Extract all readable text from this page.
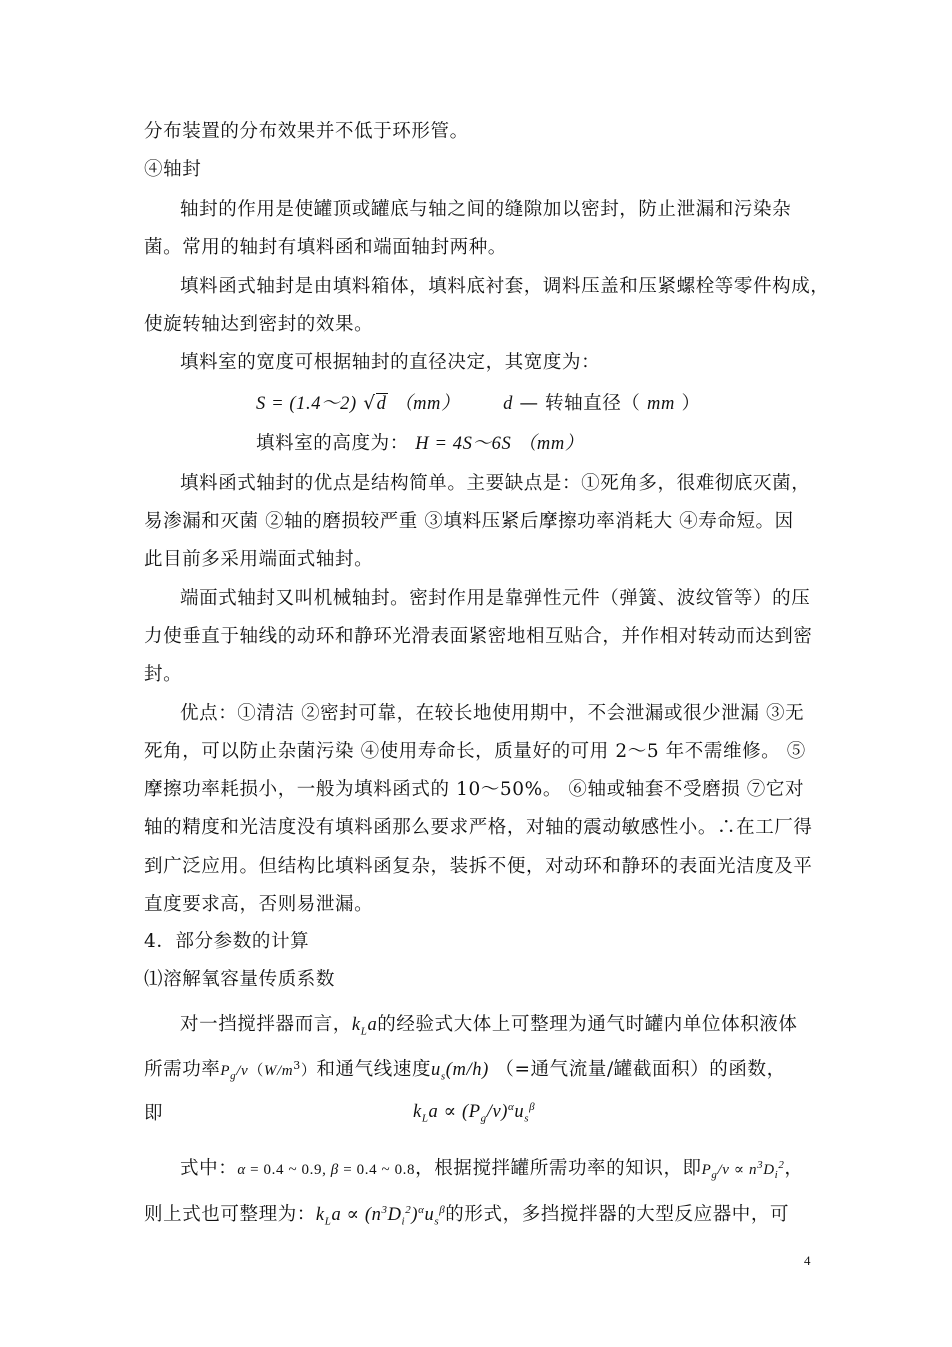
分布装置的分布效果并不低于环形管。
④轴封
轴封的作用是使罐顶或罐底与轴之间的缝隙加以密封，防止泄漏和污染杂
菌。常用的轴封有填料函和端面轴封两种。
填料函式轴封是由填料箱体，填料底衬套，调料压盖和压紧螺栓等零件构成，
使旋转轴达到密封的效果。
填料室的宽度可根据轴封的直径决定，其宽度为：
S = (1.4～2) √d （mm） d — 转轴直径（ mm ）
填料室的高度为： H = 4S～6S （mm）
填料函式轴封的优点是结构简单。主要缺点是：①死角多，很难彻底灭菌，
易渗漏和灭菌 ②轴的磨损较严重 ③填料压紧后摩擦功率消耗大 ④寿命短。因
此目前多采用端面式轴封。
端面式轴封又叫机械轴封。密封作用是靠弹性元件（弹簧、波纹管等）的压
力使垂直于轴线的动环和静环光滑表面紧密地相互贴合，并作相对转动而达到密
封。
优点：①清洁 ②密封可靠，在较长地使用期中，不会泄漏或很少泄漏 ③无
死角，可以防止杂菌污染 ④使用寿命长，质量好的可用 2～5 年不需维修。 ⑤
摩擦功率耗损小，一般为填料函式的 10～50%。 ⑥轴或轴套不受磨损 ⑦它对
轴的精度和光洁度没有填料函那么要求严格，对轴的震动敏感性小。∴在工厂得
到广泛应用。但结构比填料函复杂，装拆不便，对动环和静环的表面光洁度及平
直度要求高，否则易泄漏。
4．部分参数的计算
⑴溶解氧容量传质系数
对一挡搅拌器而言，$k_La$的经验式大体上可整理为通气时罐内单位体积液体
所需功率$P_g/v(W/m^3)$和通气线速度$u_s(m/h)$ （=通气流量/罐截面积）的函数，
即	$k_La \propto (P_g/v)^\alpha u_s^\beta$
式中：α = 0.4 ~ 0.9, β = 0.4 ~ 0.8，根据搅拌罐所需功率的知识，即$P_g/v \propto n^3D_i^2$，
则上式也可整理为：$k_La \propto (n^3D_i^2)^\alpha u_s^\beta$的形式，多挡搅拌器的大型反应器中，可
4
